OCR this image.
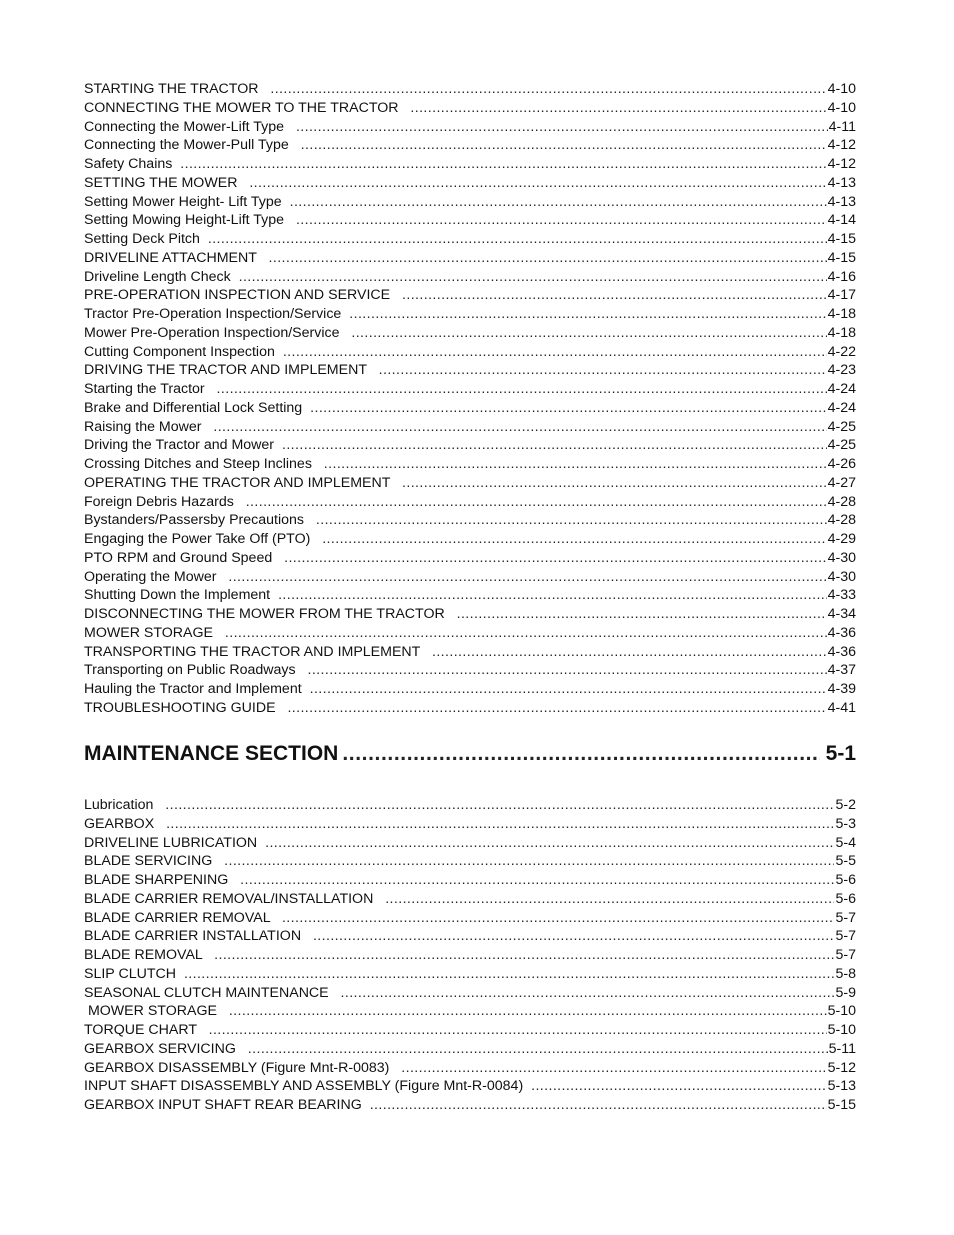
STARTING THE TRACTOR .....	4-10
CONNECTING THE MOWER TO THE TRACTOR .....	4-10
Connecting the Mower-Lift Type .....	4-11
Connecting the Mower-Pull Type .....	4-12
Safety Chains .....	4-12
SETTING THE MOWER .....	4-13
Setting Mower Height- Lift Type .....	4-13
Setting Mowing Height-Lift Type .....	4-14
Setting Deck Pitch .....	4-15
DRIVELINE ATTACHMENT .....	4-15
Driveline Length Check .....	4-16
PRE-OPERATION INSPECTION AND SERVICE .....	4-17
Tractor Pre-Operation Inspection/Service .....	4-18
Mower Pre-Operation Inspection/Service .....	4-18
Cutting Component Inspection .....	4-22
DRIVING THE TRACTOR AND IMPLEMENT .....	4-23
Starting the Tractor .....	4-24
Brake and Differential Lock Setting .....	4-24
Raising the Mower .....	4-25
Driving the Tractor and Mower .....	4-25
Crossing Ditches and Steep Inclines .....	4-26
OPERATING THE TRACTOR AND IMPLEMENT .....	4-27
Foreign Debris Hazards .....	4-28
Bystanders/Passersby Precautions .....	4-28
Engaging the Power Take Off (PTO) .....	4-29
PTO RPM and Ground Speed .....	4-30
Operating the Mower .....	4-30
Shutting Down the Implement .....	4-33
DISCONNECTING THE MOWER FROM THE TRACTOR .....	4-34
MOWER STORAGE .....	4-36
TRANSPORTING THE TRACTOR AND IMPLEMENT .....	4-36
Transporting on Public Roadways .....	4-37
Hauling the Tractor and Implement .....	4-39
TROUBLESHOOTING GUIDE .....	4-41
MAINTENANCE SECTION .....	5-1
Lubrication .....	5-2
GEARBOX .....	5-3
DRIVELINE LUBRICATION .....	5-4
BLADE SERVICING .....	5-5
BLADE SHARPENING .....	5-6
BLADE CARRIER REMOVAL/INSTALLATION .....	5-6
BLADE CARRIER REMOVAL .....	5-7
BLADE CARRIER INSTALLATION .....	5-7
BLADE REMOVAL .....	5-7
SLIP CLUTCH .....	5-8
SEASONAL CLUTCH MAINTENANCE .....	5-9
MOWER STORAGE .....	5-10
TORQUE CHART .....	5-10
GEARBOX SERVICING .....	5-11
GEARBOX DISASSEMBLY (Figure Mnt-R-0083) .....	5-12
INPUT SHAFT DISASSEMBLY AND ASSEMBLY (Figure Mnt-R-0084) .....	5-13
GEARBOX INPUT SHAFT REAR BEARING .....	5-15
